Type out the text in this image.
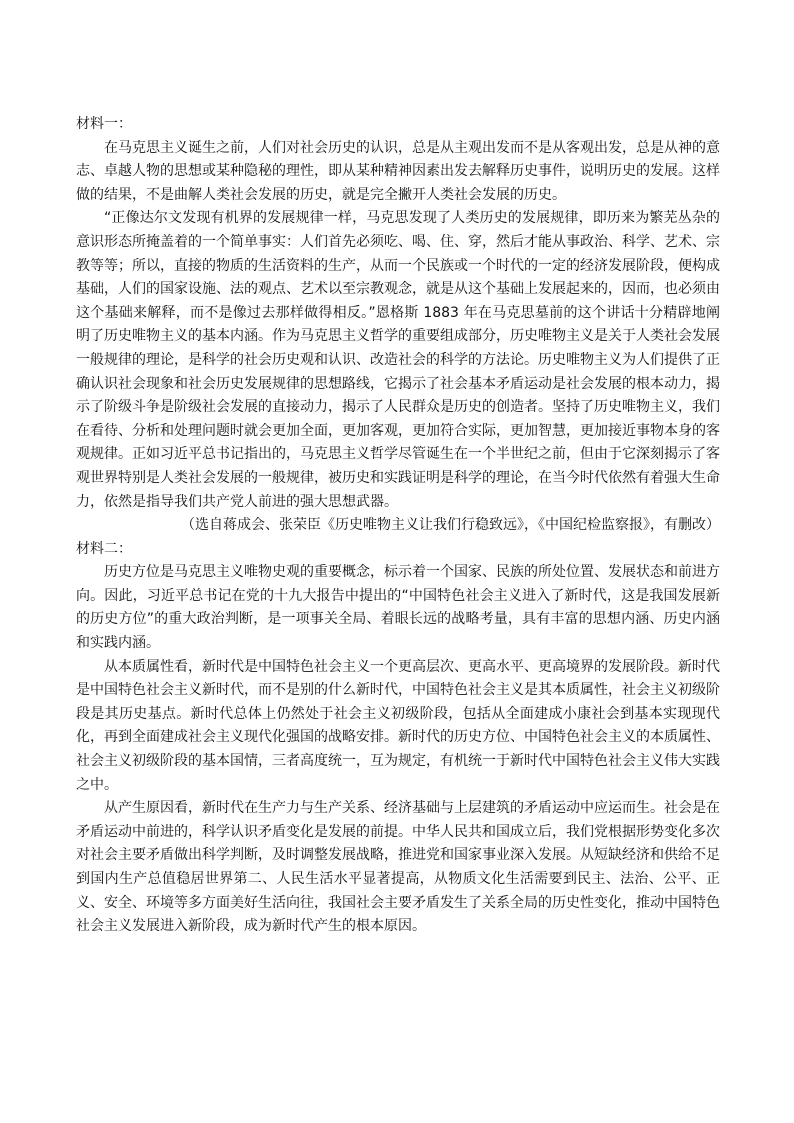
材料一：
在马克思主义诞生之前，人们对社会历史的认识，总是从主观出发而不是从客观出发，总是从神的意志、卓越人物的思想或某种隐秘的理性，即从某种精神因素出发去解释历史事件，说明历史的发展。这样做的结果，不是曲解人类社会发展的历史，就是完全撇开人类社会发展的历史。
“正像达尔文发现有机界的发展规律一样，马克思发现了人类历史的发展规律，即历来为繁芜丛杂的意识形态所掩盖着的一个简单事实：人们首先必须吃、喝、住、穿，然后才能从事政治、科学、艺术、宗教等等；所以，直接的物质的生活资料的生产，从而一个民族或一个时代的一定的经济发展阶段，便构成基础，人们的国家设施、法的观点、艺术以至宗教观念，就是从这个基础上发展起来的，因而，也必须由这个基础来解释，而不是像过去那样做得相反。”恩格斯 1883 年在马克思墓前的这个讲话十分精辟地阐明了历史唯物主义的基本内涵。作为马克思主义哲学的重要组成部分，历史唯物主义是关于人类社会发展一般规律的理论，是科学的社会历史观和认识、改造社会的科学的方法论。历史唯物主义为人们提供了正确认识社会现象和社会历史发展规律的思想路线，它揭示了社会基本矛盾运动是社会发展的根本动力，揭示了阶级斗争是阶级社会发展的直接动力，揭示了人民群众是历史的创造者。坚持了历史唯物主义，我们在看待、分析和处理问题时就会更加全面，更加客观，更加符合实际，更加智慧，更加接近事物本身的客观规律。正如习近平总书记指出的，马克思主义哲学尽管诞生在一个半世纪之前，但由于它深刻揭示了客观世界特别是人类社会发展的一般规律，被历史和实践证明是科学的理论，在当今时代依然有着强大生命力，依然是指导我们共产党人前进的强大思想武器。
（选自蒋成会、张荣臣《历史唯物主义让我们行稳致远》，《中国纪检监察报》，有删改）
材料二：
历史方位是马克思主义唯物史观的重要概念，标示着一个国家、民族的所处位置、发展状态和前进方向。因此，习近平总书记在党的十九大报告中提出的“中国特色社会主义进入了新时代，这是我国发展新的历史方位”的重大政治判断，是一项事关全局、着眼长远的战略考量，具有丰富的思想内涵、历史内涵和实践内涵。
从本质属性看，新时代是中国特色社会主义一个更高层次、更高水平、更高境界的发展阶段。新时代是中国特色社会主义新时代，而不是别的什么新时代，中国特色社会主义是其本质属性，社会主义初级阶段是其历史基点。新时代总体上仍然处于社会主义初级阶段，包括从全面建成小康社会到基本实现现代化，再到全面建成社会主义现代化强国的战略安排。新时代的历史方位、中国特色社会主义的本质属性、社会主义初级阶段的基本国情，三者高度统一，互为规定，有机统一于新时代中国特色社会主义伟大实践之中。
从产生原因看，新时代在生产力与生产关系、经济基础与上层建筑的矛盾运动中应运而生。社会是在矛盾运动中前进的，科学认识矛盾变化是发展的前提。中华人民共和国成立后，我们党根据形势变化多次对社会主要矛盾做出科学判断，及时调整发展战略，推进党和国家事业深入发展。从短缺经济和供给不足到国内生产总值稳居世界第二、人民生活水平显著提高，从物质文化生活需要到民主、法治、公平、正义、安全、环境等多方面美好生活向往，我国社会主要矛盾发生了关系全局的历史性变化，推动中国特色社会主义发展进入新阶段，成为新时代产生的根本原因。
